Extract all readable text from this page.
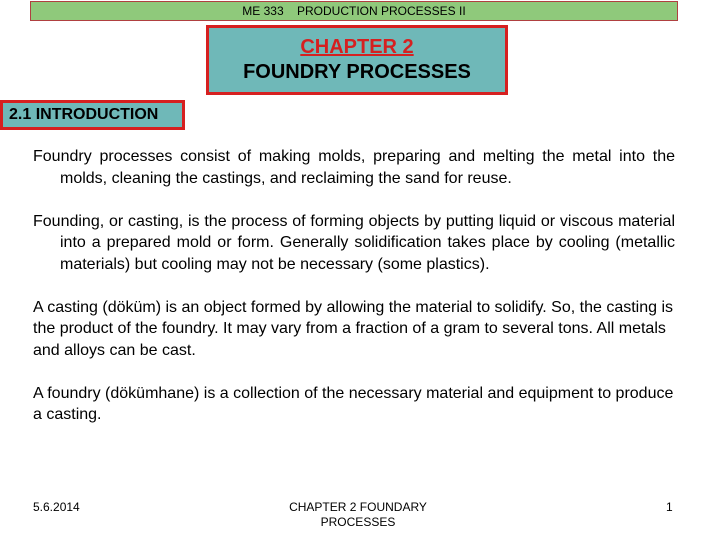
ME 333 PRODUCTION PROCESSES II
CHAPTER 2
FOUNDRY PROCESSES
2.1 INTRODUCTION

Foundry processes consist of making molds, preparing and melting the metal into the molds, cleaning the castings, and reclaiming the sand for reuse.

Founding, or casting, is the process of forming objects by putting liquid or viscous material into a prepared mold or form. Generally solidification takes place by cooling (metallic materials) but cooling may not be necessary (some plastics).

A casting (döküm) is an object formed by allowing the material to solidify. So, the casting is the product of the foundry. It may vary from a fraction of a gram to several tons. All metals and alloys can be cast.

A foundry (dökümhane) is a collection of the necessary material and equipment to produce a casting.

5.6.2014	CHAPTER 2 FOUNDARY
PROCESSES
1
